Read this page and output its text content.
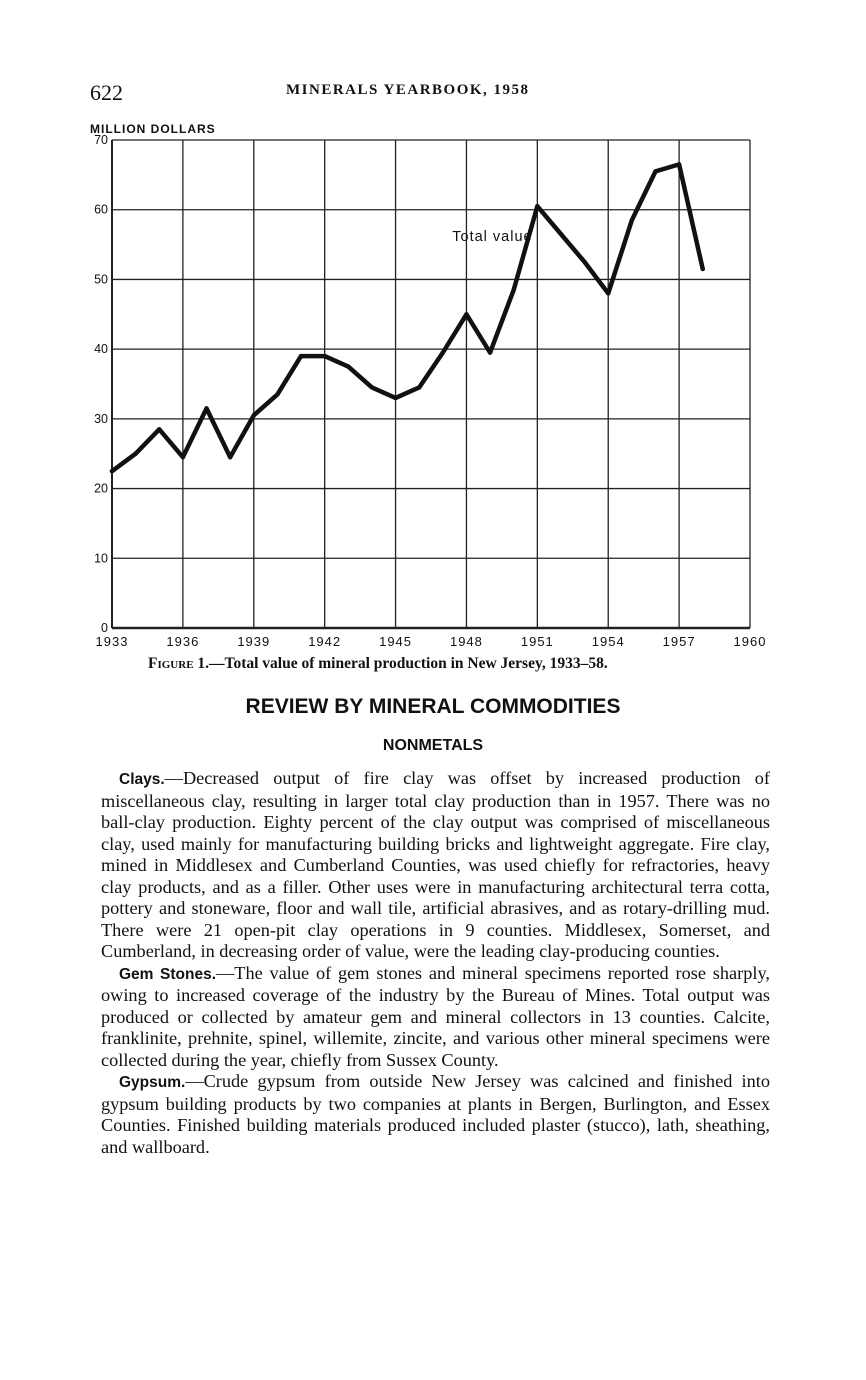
622	MINERALS YEARBOOK, 1958
MILLION DOLLARS
0
10
20
30
40
50
60
70
1933	1936	1939	1942	1945	1948	1951	1954	1957	1960
Total value
Figure 1.—Total value of mineral production in New Jersey, 1933–58.
REVIEW BY MINERAL COMMODITIES
NONMETALS

Clays.—Decreased output of fire clay was offset by increased production of miscellaneous clay, resulting in larger total clay production than in 1957. There was no ball-clay production. Eighty percent of the clay output was comprised of miscellaneous clay, used mainly for manufacturing building bricks and lightweight aggregate. Fire clay, mined in Middlesex and Cumberland Counties, was used chiefly for refractories, heavy clay products, and as a filler. Other uses were in manufacturing architectural terra cotta, pottery and stoneware, floor and wall tile, artificial abrasives, and as rotary-drilling mud. There were 21 open-pit clay operations in 9 counties. Middlesex, Somerset, and Cumberland, in decreasing order of value, were the leading clay-producing counties.

Gem Stones.—The value of gem stones and mineral specimens reported rose sharply, owing to increased coverage of the industry by the Bureau of Mines. Total output was produced or collected by amateur gem and mineral collectors in 13 counties. Calcite, franklinite, prehnite, spinel, willemite, zincite, and various other mineral specimens were collected during the year, chiefly from Sussex County.

Gypsum.—Crude gypsum from outside New Jersey was calcined and finished into gypsum building products by two companies at plants in Bergen, Burlington, and Essex Counties. Finished building materials produced included plaster (stucco), lath, sheathing, and wallboard.
